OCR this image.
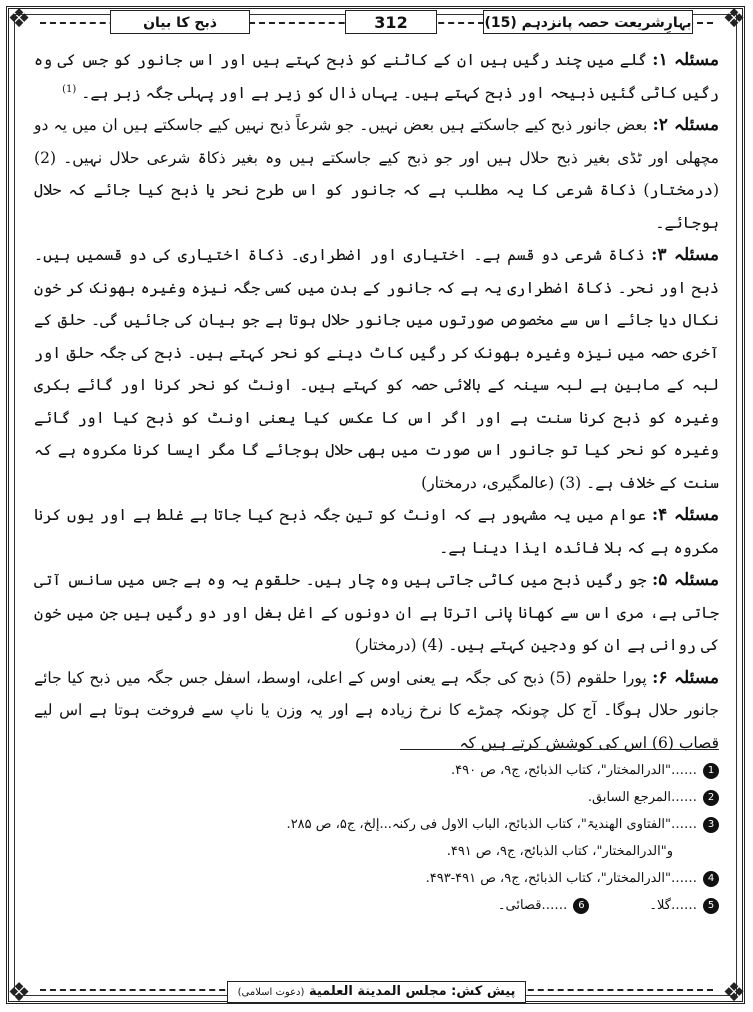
❖	❖
❖	❖
ذبح کا بیان	312	بہارِشریعت حصہ پانزدہم (15)

مسئلہ ۱: گلے میں چند رگیں ہیں ان کے کاٹنے کو ذبح کہتے ہیں اور اس جانور کو جس کی وہ رگیں کاٹی گئیں ذبیحہ اور ذبح کہتے ہیں۔ یہاں ذال کو زیر ہے اور پہلی جگہ زبر ہے۔ $^{(1)}$

مسئلہ ۲: بعض جانور ذبح کیے جاسکتے ہیں بعض نہیں۔ جو شرعاً ذبح نہیں کیے جاسکتے ہیں ان میں یہ دو مچھلی اور ٹڈی بغیر ذبح حلال ہیں اور جو ذبح کیے جاسکتے ہیں وہ بغیر ذکاۃ شرعی حلال نہیں۔ (2) (درمختار) ذکاۃ شرعی کا یہ مطلب ہے کہ جانور کو اس طرح نحر یا ذبح کیا جائے کہ حلال ہوجائے۔

مسئلہ ۳: ذکاۃ شرعی دو قسم ہے۔ اختیاری اور اضطراری۔ ذکاۃ اختیاری کی دو قسمیں ہیں۔ ذبح اور نحر۔ ذکاۃ اضطراری یہ ہے کہ جانور کے بدن میں کسی جگہ نیزہ وغیرہ بھونک کر خون نکال دیا جائے اس سے مخصوص صورتوں میں جانور حلال ہوتا ہے جو بیان کی جائیں گی۔ حلق کے آخری حصہ میں نیزہ وغیرہ بھونک کر رگیں کاٹ دینے کو نحر کہتے ہیں۔ ذبح کی جگہ حلق اور لبہ کے مابین ہے لبہ سینہ کے بالائی حصہ کو کہتے ہیں۔ اونٹ کو نحر کرنا اور گائے بکری وغیرہ کو ذبح کرنا سنت ہے اور اگر اس کا عکس کیا یعنی اونٹ کو ذبح کیا اور گائے وغیرہ کو نحر کیا تو جانور اس صورت میں بھی حلال ہوجائے گا مگر ایسا کرنا مکروہ ہے کہ سنت کے خلاف ہے۔ (3) (عالمگیری، درمختار)

مسئلہ ۴: عوام میں یہ مشہور ہے کہ اونٹ کو تین جگہ ذبح کیا جاتا ہے غلط ہے اور یوں کرنا مکروہ ہے کہ بلا فائدہ ایذا دینا ہے۔

مسئلہ ۵: جو رگیں ذبح میں کاٹی جاتی ہیں وہ چار ہیں۔ حلقوم یہ وہ ہے جس میں سانس آتی جاتی ہے، مری اس سے کھانا پانی اترتا ہے ان دونوں کے اغل بغل اور دو رگیں ہیں جن میں خون کی روانی ہے ان کو ودجین کہتے ہیں۔ (4) (درمختار)

مسئلہ ۶: پورا حلقوم (5) ذبح کی جگہ ہے یعنی اوس کے اعلی، اوسط، اسفل جس جگہ میں ذبح کیا جائے جانور حلال ہوگا۔ آج کل چونکہ چمڑے کا نرخ زیادہ ہے اور یہ وزن یا ناپ سے فروخت ہوتا ہے اس لیے قصاب (6) اس کی کوشش کرتے ہیں کہ

1
……"الدرالمختار"، کتاب الذبائح، ج۹، ص ۴۹۰.
2
……المرجع السابق.
3
……"الفتاوی الھندیۃ"، کتاب الذبائح، الباب الاول فی رکنہ...إلخ، ج۵، ص ۲۸۵.
و"الدرالمختار"، کتاب الذبائح، ج۹، ص ۴۹۱.
4
……"الدرالمختار"، کتاب الذبائح، ج۹، ص ۴۹۱-۴۹۳.
5
……گلا۔
6
……قصائی۔
پیش کش: مجلس المدینة العلمیة (دعوت اسلامی)
